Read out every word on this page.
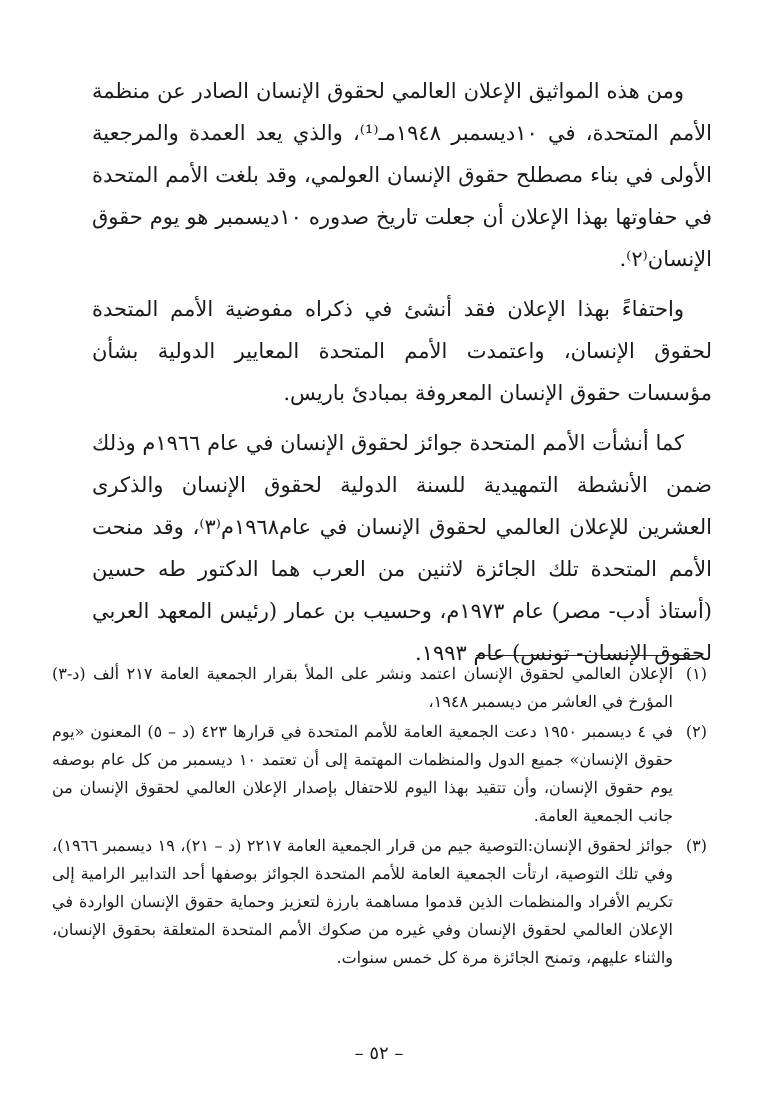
ومن هذه المواثيق الإعلان العالمي لحقوق الإنسان الصادر عن منظمة الأمم المتحدة، في ١٠ديسمبر ١٩٤٨مـ⁽¹⁾، والذي يعد العمدة والمرجعية الأولى في بناء مصطلح حقوق الإنسان العولمي، وقد بلغت الأمم المتحدة في حفاوتها بهذا الإعلان أن جعلت تاريخ صدوره ١٠ديسمبر هو يوم حقوق الإنسان⁽٢⁾.

واحتفاءً بهذا الإعلان فقد أنشئ في ذكراه مفوضية الأمم المتحدة لحقوق الإنسان، واعتمدت الأمم المتحدة المعايير الدولية بشأن مؤسسات حقوق الإنسان المعروفة بمبادئ باريس.

كما أنشأت الأمم المتحدة جوائز لحقوق الإنسان في عام ١٩٦٦م وذلك ضمن الأنشطة التمهيدية للسنة الدولية لحقوق الإنسان والذكرى العشرين للإعلان العالمي لحقوق الإنسان في عام١٩٦٨م⁽٣⁾، وقد منحت الأمم المتحدة تلك الجائزة لاثنين من العرب هما الدكتور طه حسين (أستاذ أدب- مصر) عام ١٩٧٣م، وحسيب بن عمار (رئيس المعهد العربي لحقوق الإنسان- تونس) عام ١٩٩٣.

(١)
الإعلان العالمي لحقوق الإنسان اعتمد ونشر على الملأ بقرار الجمعية العامة ٢١٧ ألف (د-٣) المؤرخ في العاشر من ديسمبر ١٩٤٨،
(٢)
في ٤ ديسمبر ١٩٥٠ دعت الجمعية العامة للأمم المتحدة في قرارها ٤٢٣ (د – ٥) المعنون «يوم حقوق الإنسان» جميع الدول والمنظمات المهتمة إلى أن تعتمد ١٠ ديسمبر من كل عام بوصفه يوم حقوق الإنسان، وأن تتقيد بهذا اليوم للاحتفال بإصدار الإعلان العالمي لحقوق الإنسان من جانب الجمعية العامة.
(٣)
جوائز لحقوق الإنسان:التوصية جيم من قرار الجمعية العامة ٢٢١٧ (د – ٢١)، ١٩ ديسمبر ١٩٦٦)، وفي تلك التوصية، ارتأت الجمعية العامة للأمم المتحدة الجوائز بوصفها أحد التدابير الرامية إلى تكريم الأفراد والمنظمات الذين قدموا مساهمة بارزة لتعزيز وحماية حقوق الإنسان الواردة في الإعلان العالمي لحقوق الإنسان وفي غيره من صكوك الأمم المتحدة المتعلقة بحقوق الإنسان، والثناء عليهم، وتمنح الجائزة مرة كل خمس سنوات.
– ٥٢ –
